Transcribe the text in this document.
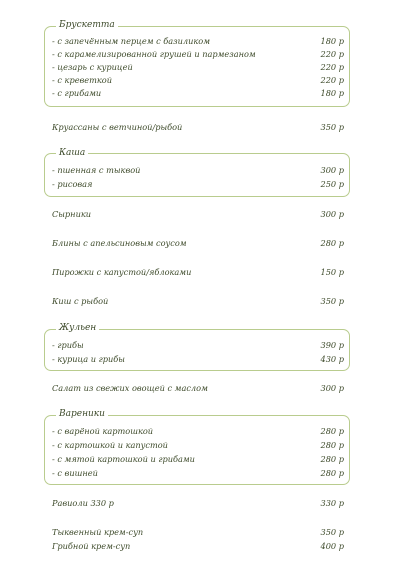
Брускетта
- с запечённым перцем с базиликом	180 р
- с карамелизированной грушей и пармезаном	220 р
- цезарь с курицей	220 р
- с креветкой	220 р
- с грибами	180 р
Круассаны с ветчиной/рыбой	350 р
Каша
- пшенная с тыквой	300 р
- рисовая	250 р
Сырники	300 р
Блины с апельсиновым соусом	280 р
Пирожки с капустой/яблоками	150 р
Киш с рыбой	350 р
Жульен
- грибы	390 р
- курица и грибы	430 р
Салат из свежих овощей с маслом	300 р
Вареники
- с варёной картошкой	280 р
- с картошкой и капустой	280 р
- с мятой картошкой и грибами	280 р
- с вишней	280 р
Равиоли 330 р	330 р
Тыквенный крем-суп	350 р
Грибной крем-суп	400 р
